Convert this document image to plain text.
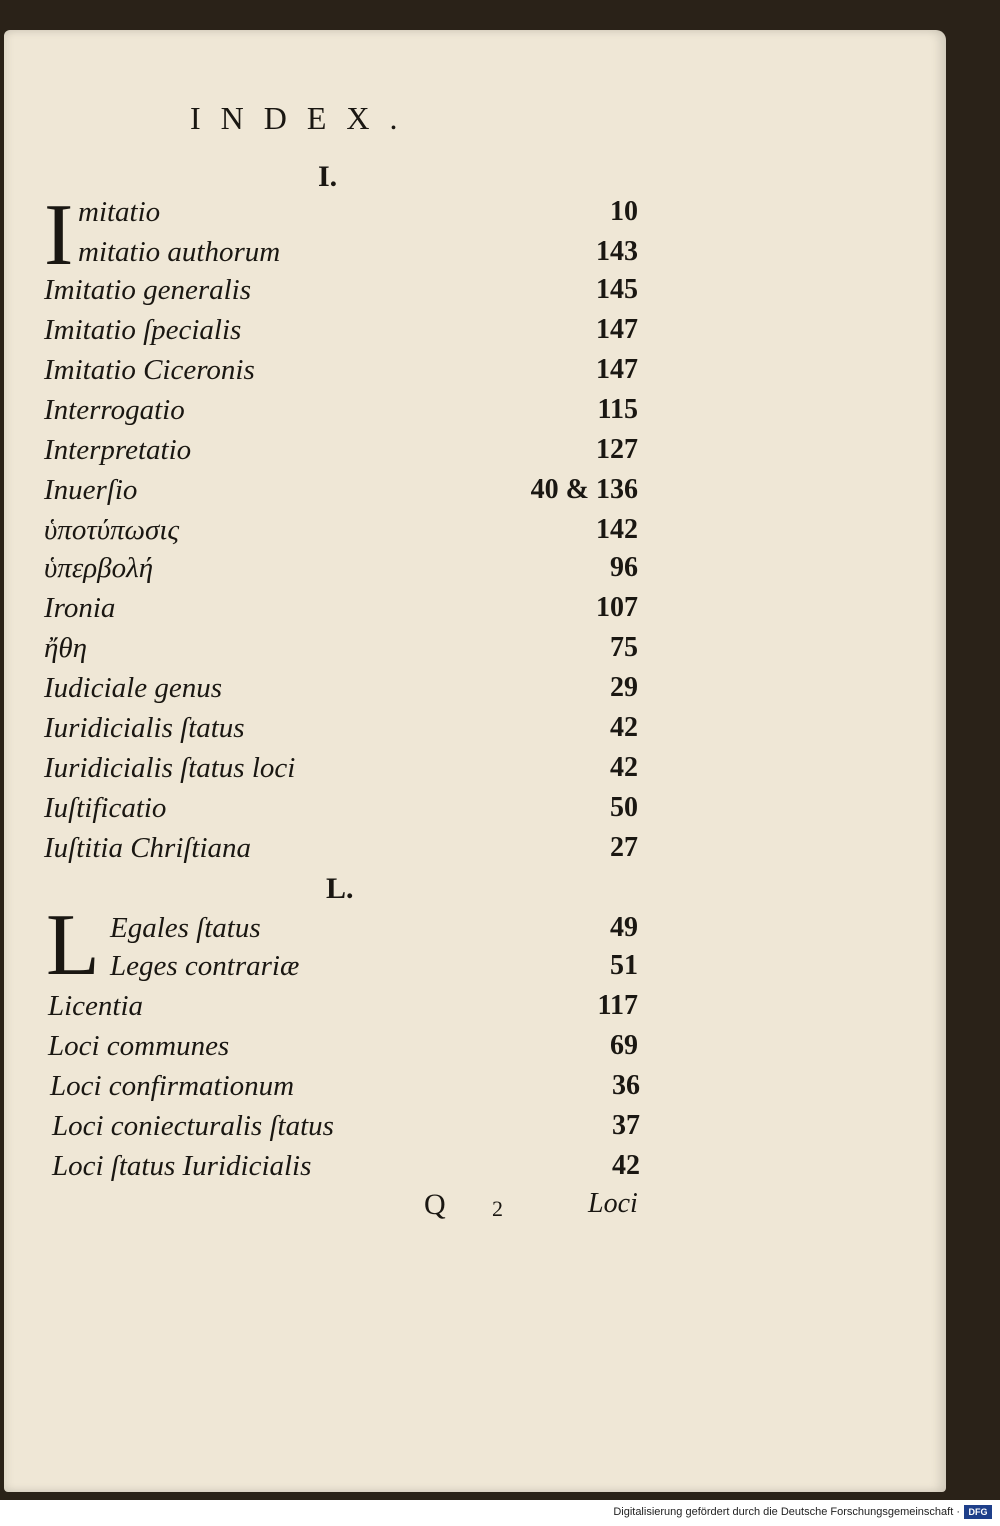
INDEX.
I.
I
L.
L
mitatio	10
mitatio authorum	143
Imitatio generalis	145
Imitatio ſpecialis	147
Imitatio Ciceronis	147
Interrogatio	115
Interpretatio	127
Inuerſio	40 & 136
ὑποτύπωσις	142
ὑπερβολή	96
Ironia	107
ἤθη	75
Iudiciale genus	29
Iuridicialis ſtatus	42
Iuridicialis ſtatus loci	42
Iuſtificatio	50
Iuſtitia Chriſtiana	27
Egales ſtatus	49
Leges contrariæ	51
Licentia	117
Loci communes	69
Loci confirmationum	36
Loci coniecturalis ſtatus	37
Loci ſtatus Iuridicialis	42
Q 2	Loci
Digitalisierung gefördert durch die Deutsche Forschungsgemeinschaft · DFG
